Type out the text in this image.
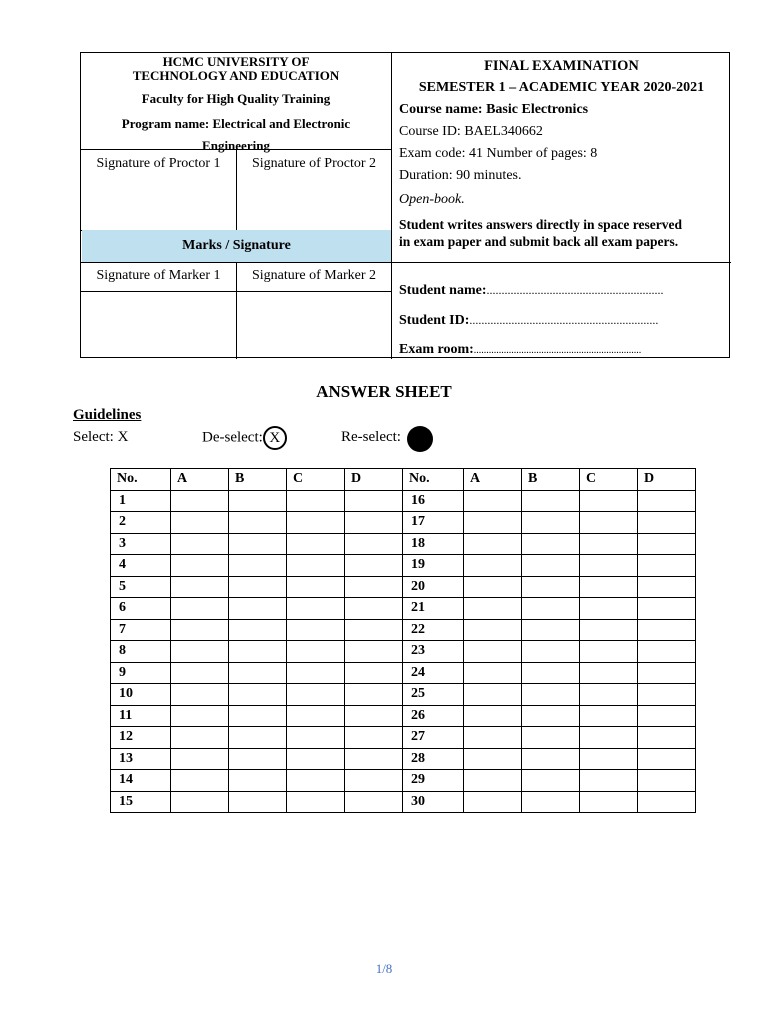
HCMC UNIVERSITY OF
TECHNOLOGY AND EDUCATION
Faculty for High Quality Training
Program name: Electrical and Electronic
Engineering
Signature of Proctor 1	Signature of Proctor 2
Marks / Signature
Signature of Marker 1	Signature of Marker 2
FINAL EXAMINATION
SEMESTER 1 – ACADEMIC YEAR 2020-2021
Course name: Basic Electronics
Course ID: BAEL340662
Exam code: 41 Number of pages: 8
Duration: 90 minutes.
Open-book.
Student writes answers directly in space reserved
in exam paper and submit back all exam papers.
Student name:...........................................................
Student ID:...............................................................
Exam room:...................................................................
ANSWER SHEET
Guidelines
Select: X	De-select: X	Re-select:
No.	A	B	C	D	No.	A	B	C	D
1					16				
2					17				
3					18				
4					19				
5					20				
6					21				
7					22				
8					23				
9					24				
10					25				
11					26				
12					27				
13					28				
14					29				
15					30				
1/8
